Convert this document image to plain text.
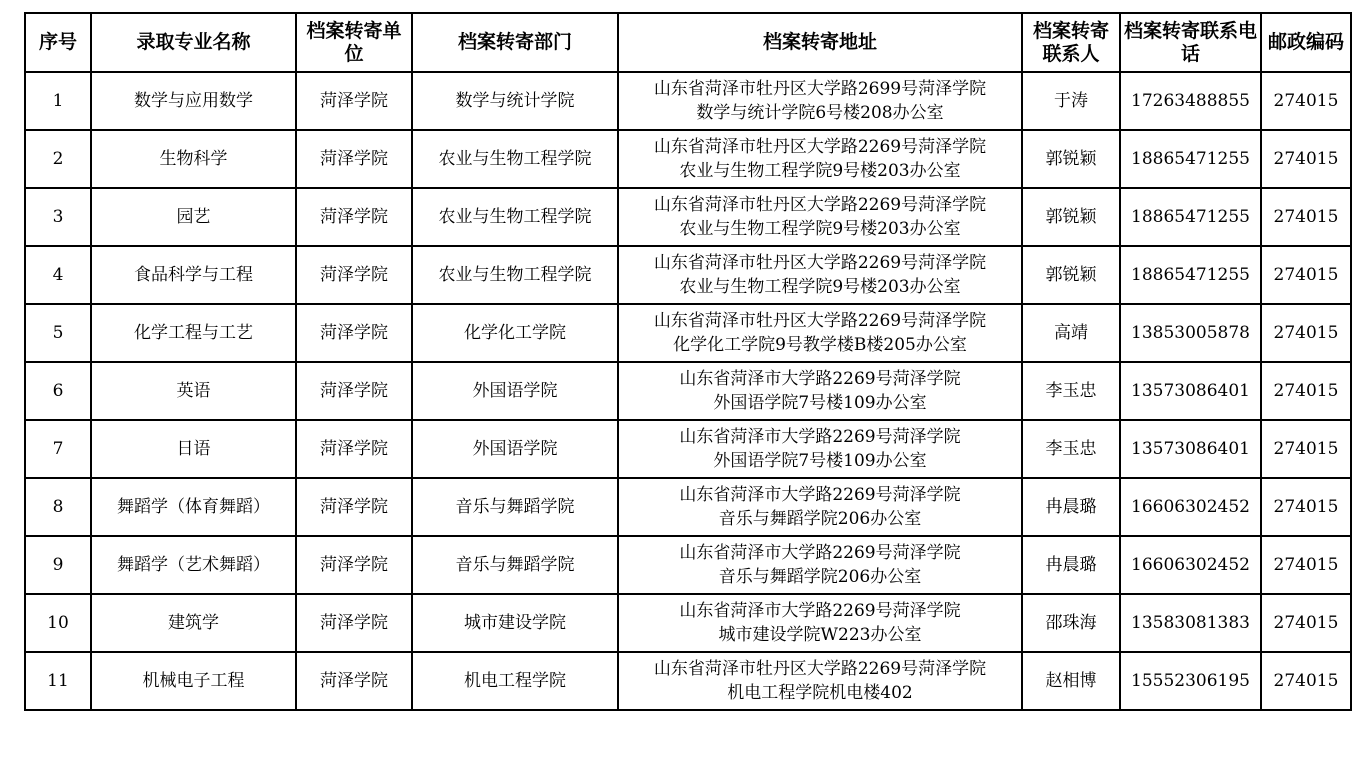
序号	录取专业名称	档案转寄单位	档案转寄部门	档案转寄地址	档案转寄联系人	档案转寄联系电话	邮政编码
1	数学与应用数学	菏泽学院	数学与统计学院	山东省菏泽市牡丹区大学路2699号菏泽学院
数学与统计学院6号楼208办公室	于涛	17263488855	274015
2	生物科学	菏泽学院	农业与生物工程学院	山东省菏泽市牡丹区大学路2269号菏泽学院
农业与生物工程学院9号楼203办公室	郭锐颖	18865471255	274015
3	园艺	菏泽学院	农业与生物工程学院	山东省菏泽市牡丹区大学路2269号菏泽学院
农业与生物工程学院9号楼203办公室	郭锐颖	18865471255	274015
4	食品科学与工程	菏泽学院	农业与生物工程学院	山东省菏泽市牡丹区大学路2269号菏泽学院
农业与生物工程学院9号楼203办公室	郭锐颖	18865471255	274015
5	化学工程与工艺	菏泽学院	化学化工学院	山东省菏泽市牡丹区大学路2269号菏泽学院
化学化工学院9号教学楼B楼205办公室	高靖	13853005878	274015
6	英语	菏泽学院	外国语学院	山东省菏泽市大学路2269号菏泽学院
外国语学院7号楼109办公室	李玉忠	13573086401	274015
7	日语	菏泽学院	外国语学院	山东省菏泽市大学路2269号菏泽学院
外国语学院7号楼109办公室	李玉忠	13573086401	274015
8	舞蹈学（体育舞蹈）	菏泽学院	音乐与舞蹈学院	山东省菏泽市大学路2269号菏泽学院
音乐与舞蹈学院206办公室	冉晨璐	16606302452	274015
9	舞蹈学（艺术舞蹈）	菏泽学院	音乐与舞蹈学院	山东省菏泽市大学路2269号菏泽学院
音乐与舞蹈学院206办公室	冉晨璐	16606302452	274015
10	建筑学	菏泽学院	城市建设学院	山东省菏泽市大学路2269号菏泽学院
城市建设学院W223办公室	邵珠海	13583081383	274015
11	机械电子工程	菏泽学院	机电工程学院	山东省菏泽市牡丹区大学路2269号菏泽学院
机电工程学院机电楼402	赵相博	15552306195	274015
